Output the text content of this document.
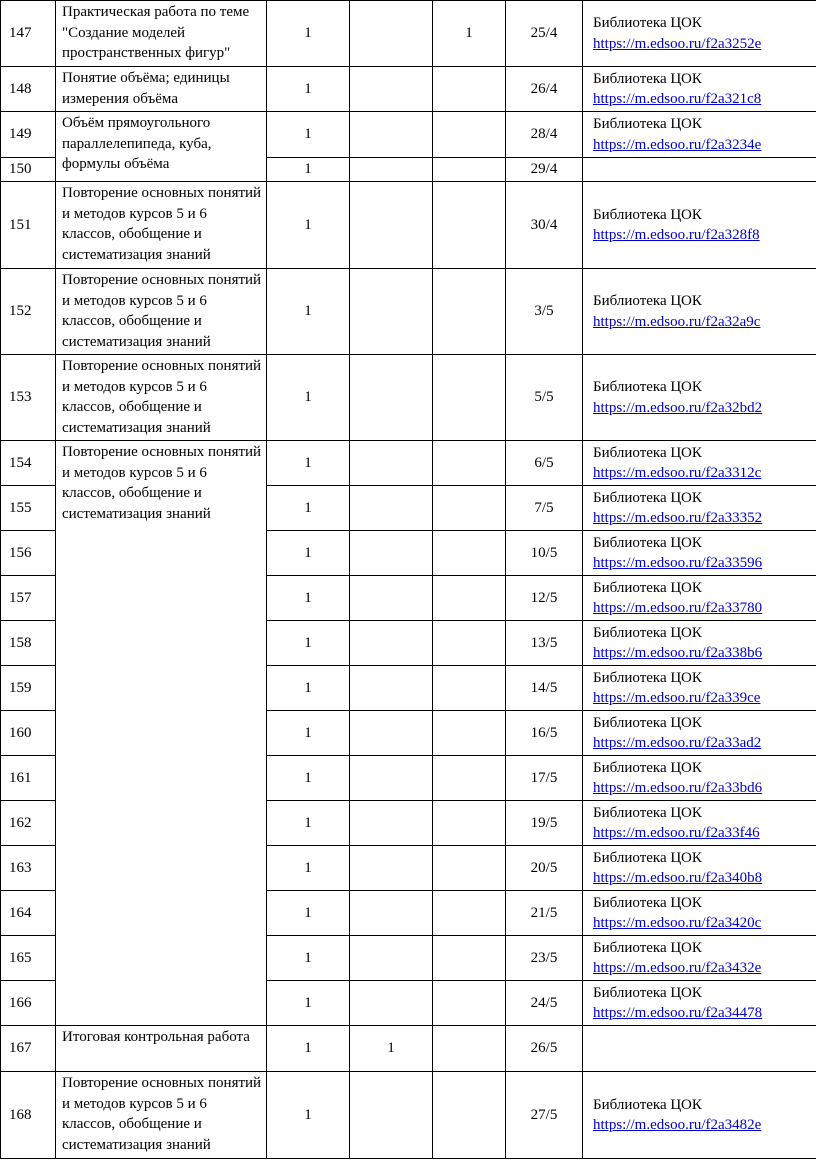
147	Практическая работа по теме "Создание моделей пространственных фигур"	1		1	25/4	Библиотека ЦОК
https://m.edsoo.ru/f2a3252e

148	Понятие объёма; единицы измерения объёма	1			26/4	Библиотека ЦОК
https://m.edsoo.ru/f2a321c8

149	Объём прямоугольного параллелепипеда, куба, формулы объёма	1			28/4	Библиотека ЦОК
https://m.edsoo.ru/f2a3234e

150		1			29/4	
151	Повторение основных понятий и методов курсов 5 и 6 классов, обобщение и систематизация знаний	1			30/4	Библиотека ЦОК
https://m.edsoo.ru/f2a328f8

152	Повторение основных понятий и методов курсов 5 и 6 классов, обобщение и систематизация знаний	1			3/5	Библиотека ЦОК
https://m.edsoo.ru/f2a32a9c

153	Повторение основных понятий и методов курсов 5 и 6 классов, обобщение и систематизация знаний	1			5/5	Библиотека ЦОК
https://m.edsoo.ru/f2a32bd2

154	Повторение основных понятий и методов курсов 5 и 6 классов, обобщение и систематизация знаний	1			6/5	Библиотека ЦОК
https://m.edsoo.ru/f2a3312c

155		1			7/5	Библиотека ЦОК
https://m.edsoo.ru/f2a33352

156		1			10/5	Библиотека ЦОК
https://m.edsoo.ru/f2a33596

157		1			12/5	Библиотека ЦОК
https://m.edsoo.ru/f2a33780

158		1			13/5	Библиотека ЦОК
https://m.edsoo.ru/f2a338b6

159		1			14/5	Библиотека ЦОК
https://m.edsoo.ru/f2a339ce

160		1			16/5	Библиотека ЦОК
https://m.edsoo.ru/f2a33ad2

161		1			17/5	Библиотека ЦОК
https://m.edsoo.ru/f2a33bd6

162		1			19/5	Библиотека ЦОК
https://m.edsoo.ru/f2a33f46

163		1			20/5	Библиотека ЦОК
https://m.edsoo.ru/f2a340b8

164		1			21/5	Библиотека ЦОК
https://m.edsoo.ru/f2a3420c

165		1			23/5	Библиотека ЦОК
https://m.edsoo.ru/f2a3432e

166		1			24/5	Библиотека ЦОК
https://m.edsoo.ru/f2a34478

167	Итоговая контрольная работа	1	1		26/5	
168	Повторение основных понятий и методов курсов 5 и 6 классов, обобщение и систематизация знаний	1			27/5	Библиотека ЦОК
https://m.edsoo.ru/f2a3482e
